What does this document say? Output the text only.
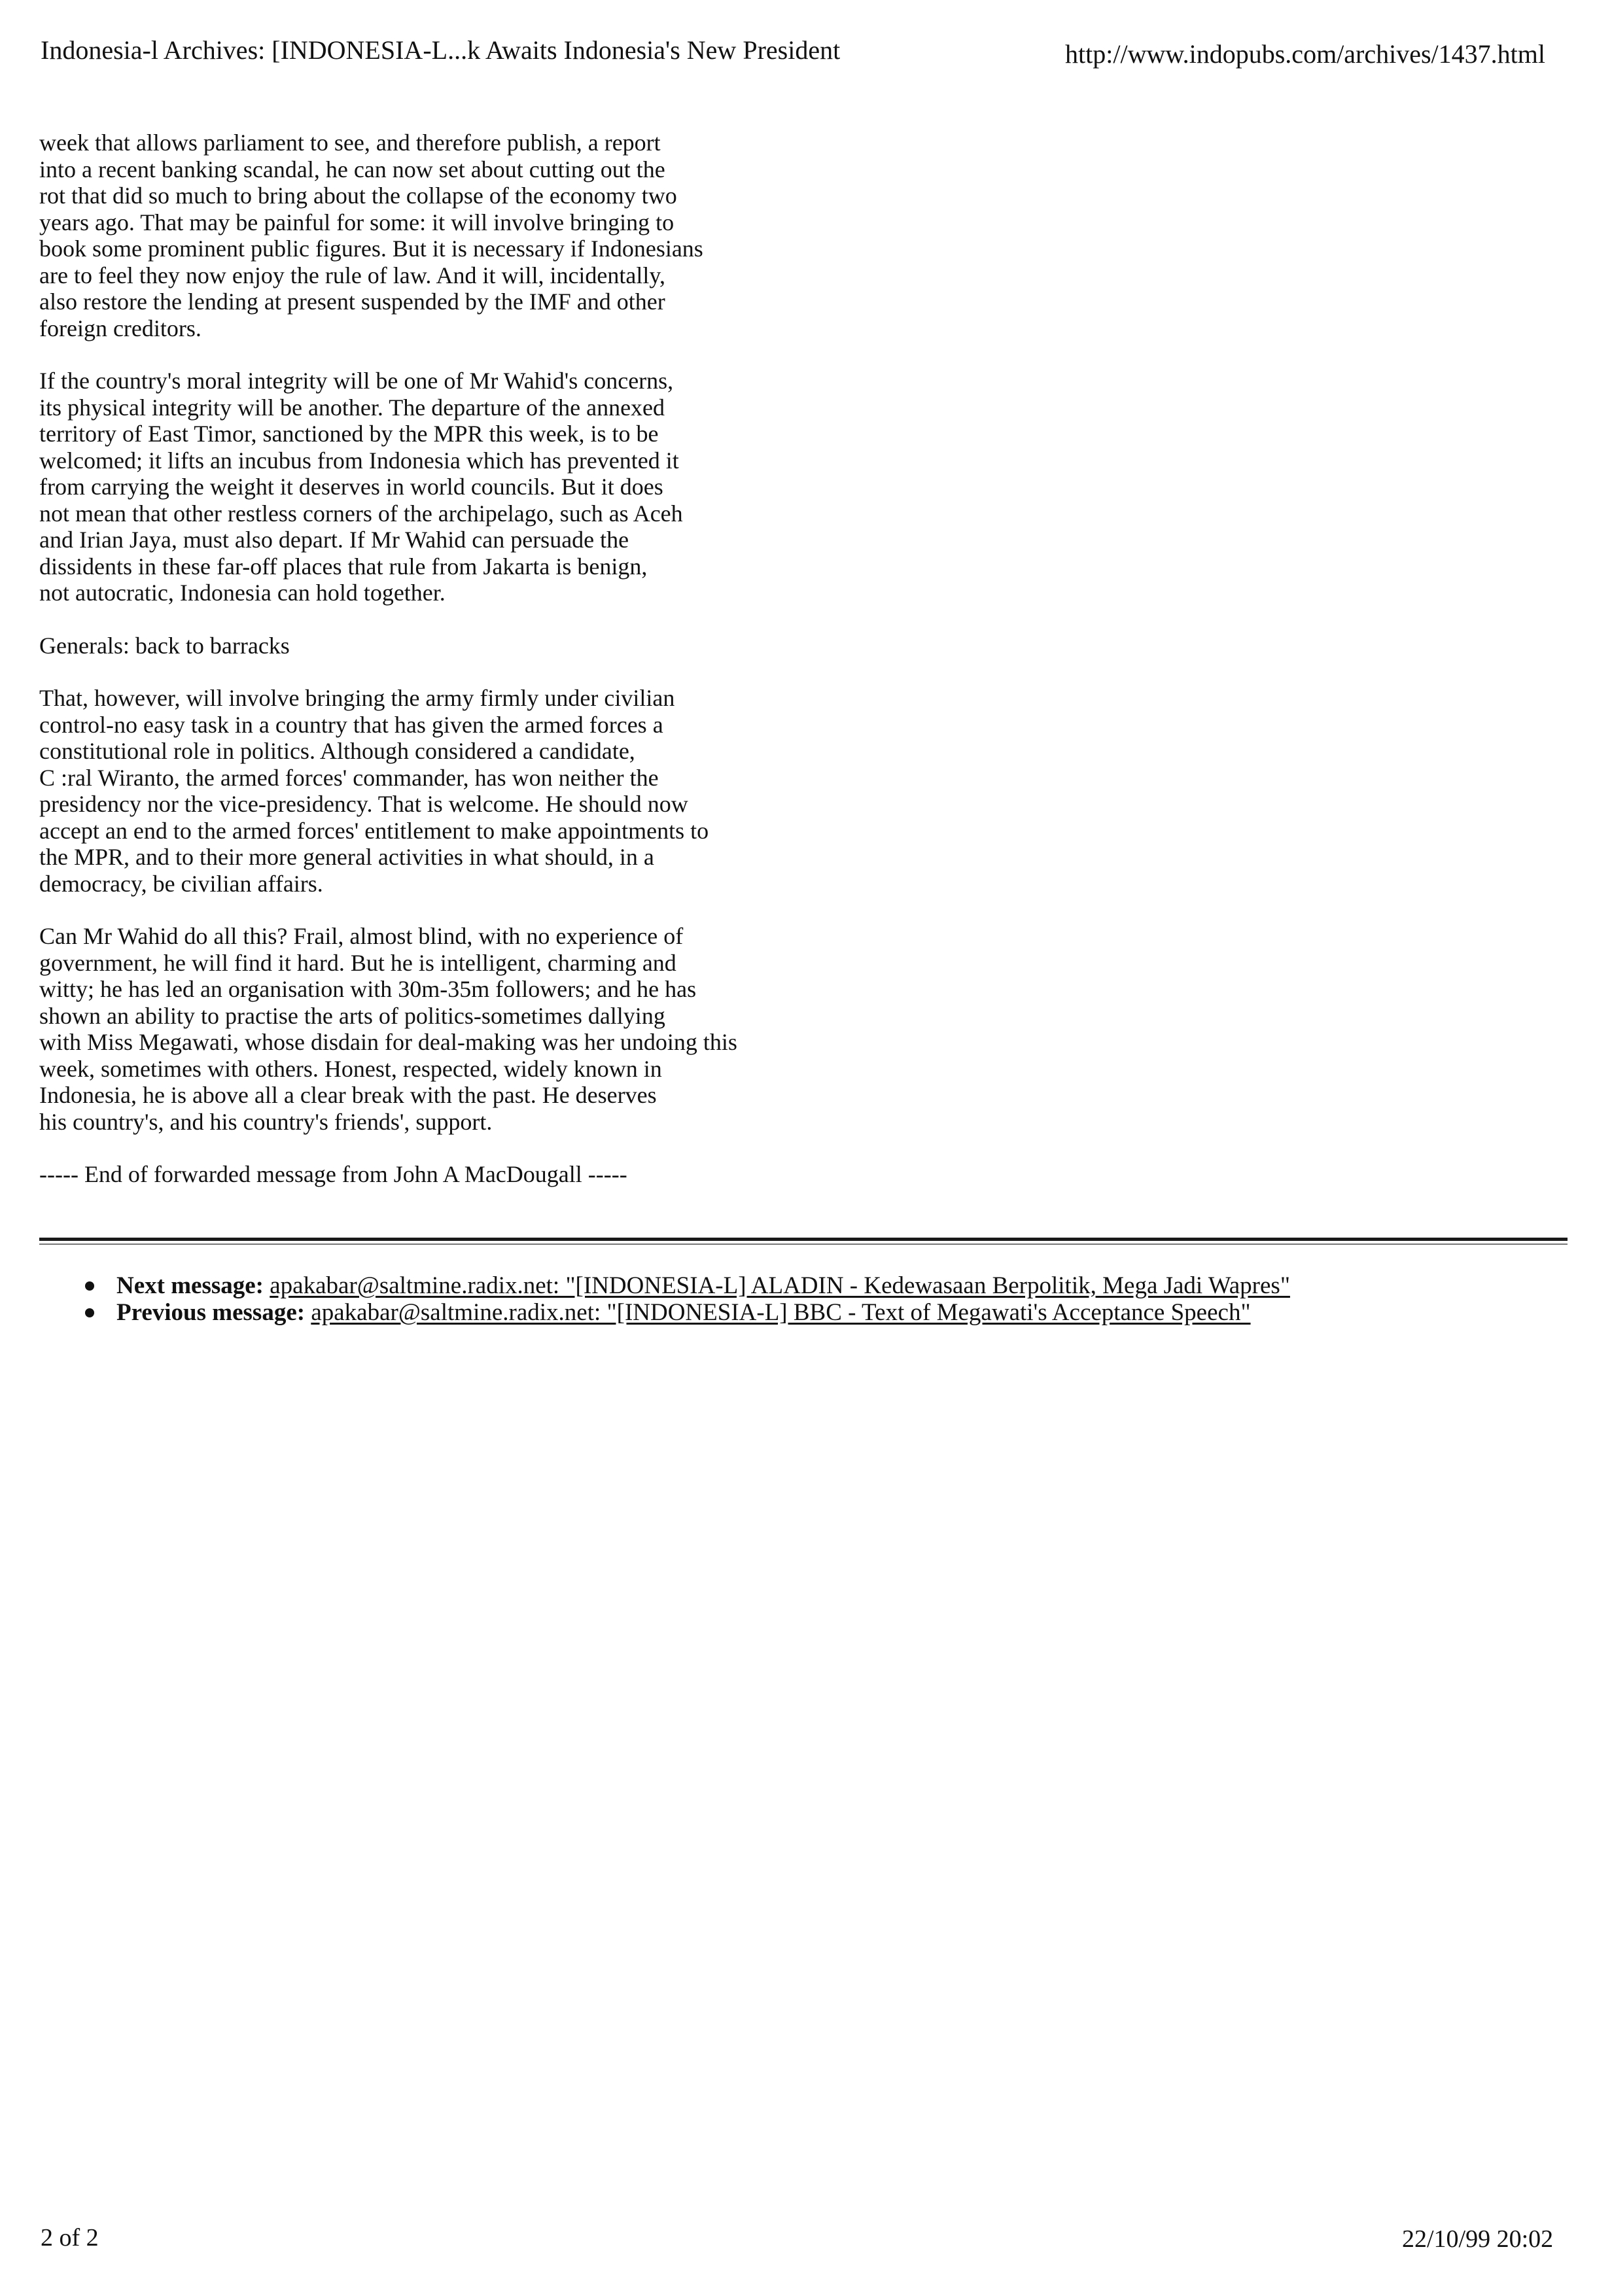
Indonesia-l Archives: [INDONESIA-L...k Awaits Indonesia's New President	http://www.indopubs.com/archives/1437.html

week that allows parliament to see, and therefore publish, a report
into a recent banking scandal, he can now set about cutting out the
rot that did so much to bring about the collapse of the economy two
years ago. That may be painful for some: it will involve bringing to
book some prominent public figures. But it is necessary if Indonesians
are to feel they now enjoy the rule of law. And it will, incidentally,
also restore the lending at present suspended by the IMF and other
foreign creditors.

If the country's moral integrity will be one of Mr Wahid's concerns,
its physical integrity will be another. The departure of the annexed
territory of East Timor, sanctioned by the MPR this week, is to be
welcomed; it lifts an incubus from Indonesia which has prevented it
from carrying the weight it deserves in world councils. But it does
not mean that other restless corners of the archipelago, such as Aceh
and Irian Jaya, must also depart. If Mr Wahid can persuade the
dissidents in these far-off places that rule from Jakarta is benign,
not autocratic, Indonesia can hold together.

Generals: back to barracks

That, however, will involve bringing the army firmly under civilian
control-no easy task in a country that has given the armed forces a
constitutional role in politics. Although considered a candidate,
C :ral Wiranto, the armed forces' commander, has won neither the
presidency nor the vice-presidency. That is welcome. He should now
accept an end to the armed forces' entitlement to make appointments to
the MPR, and to their more general activities in what should, in a
democracy, be civilian affairs.

Can Mr Wahid do all this? Frail, almost blind, with no experience of
government, he will find it hard. But he is intelligent, charming and
witty; he has led an organisation with 30m-35m followers; and he has
shown an ability to practise the arts of politics-sometimes dallying
with Miss Megawati, whose disdain for deal-making was her undoing this
week, sometimes with others. Honest, respected, widely known in
Indonesia, he is above all a clear break with the past. He deserves
his country's, and his country's friends', support.

----- End of forwarded message from John A MacDougall -----

Next message: apakabar@saltmine.radix.net: "[INDONESIA-L] ALADIN - Kedewasaan Berpolitik, Mega Jadi Wapres"
Previous message: apakabar@saltmine.radix.net: "[INDONESIA-L] BBC - Text of Megawati's Acceptance Speech"
2 of 2	22/10/99 20:02
